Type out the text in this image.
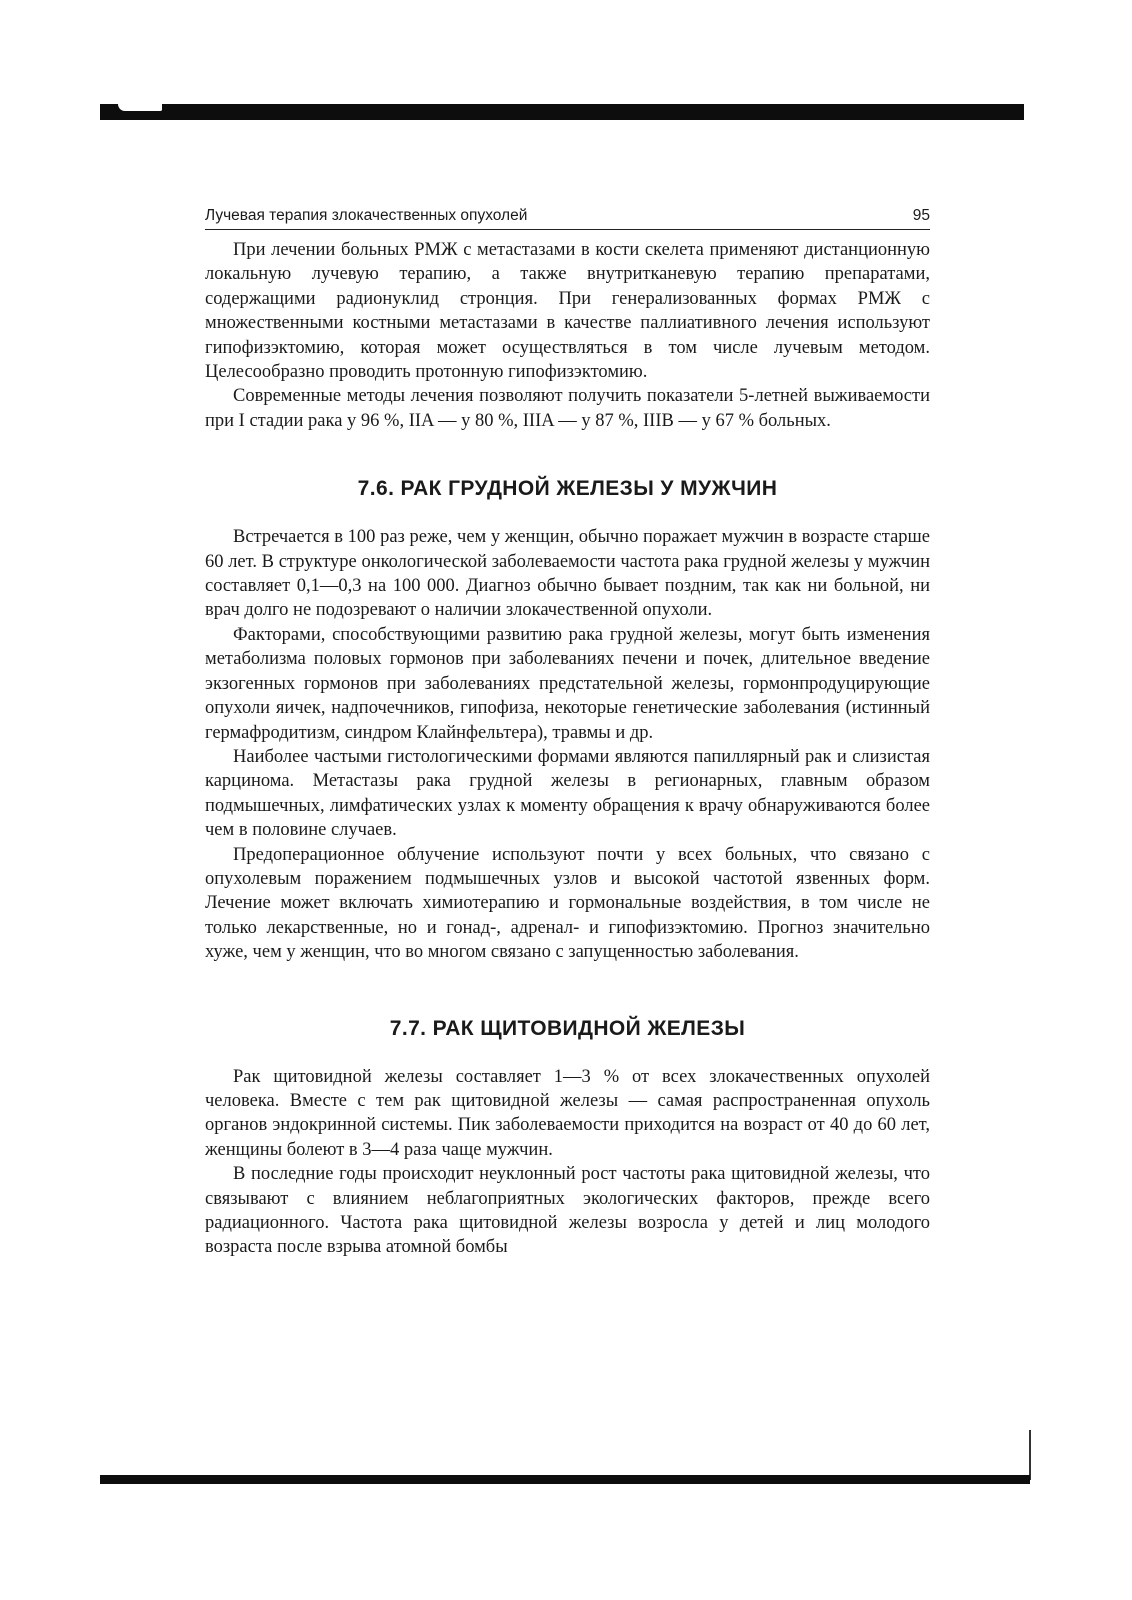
Лучевая терапия злокачественных опухолей	95

При лечении больных РМЖ с метастазами в кости скелета применяют дистанционную локальную лучевую терапию, а также внутритканевую терапию препаратами, содержащими радионуклид стронция. При генерализованных формах РМЖ с множественными костными метастазами в качестве паллиативного лечения используют гипофизэктомию, которая может осуществляться в том числе лучевым методом. Целесообразно проводить протонную гипофизэктомию.

Современные методы лечения позволяют получить показатели 5-летней выживаемости при I стадии рака у 96 %, IIA — у 80 %, IIIA — у 87 %, IIIB — у 67 % больных.

7.6. РАК ГРУДНОЙ ЖЕЛЕЗЫ У МУЖЧИН

Встречается в 100 раз реже, чем у женщин, обычно поражает мужчин в возрасте старше 60 лет. В структуре онкологической заболеваемости частота рака грудной железы у мужчин составляет 0,1—0,3 на 100 000. Диагноз обычно бывает поздним, так как ни больной, ни врач долго не подозревают о наличии злокачественной опухоли.

Факторами, способствующими развитию рака грудной железы, могут быть изменения метаболизма половых гормонов при заболеваниях печени и почек, длительное введение экзогенных гормонов при заболеваниях предстательной железы, гормонпродуцирующие опухоли яичек, надпочечников, гипофиза, некоторые генетические заболевания (истинный гермафродитизм, синдром Клайнфельтера), травмы и др.

Наиболее частыми гистологическими формами являются папиллярный рак и слизистая карцинома. Метастазы рака грудной железы в регионарных, главным образом подмышечных, лимфатических узлах к моменту обращения к врачу обнаруживаются более чем в половине случаев.

Предоперационное облучение используют почти у всех больных, что связано с опухолевым поражением подмышечных узлов и высокой частотой язвенных форм. Лечение может включать химиотерапию и гормональные воздействия, в том числе не только лекарственные, но и гонад-, адренал- и гипофизэктомию. Прогноз значительно хуже, чем у женщин, что во многом связано с запущенностью заболевания.

7.7. РАК ЩИТОВИДНОЙ ЖЕЛЕЗЫ

Рак щитовидной железы составляет 1—3 % от всех злокачественных опухолей человека. Вместе с тем рак щитовидной железы — самая распространенная опухоль органов эндокринной системы. Пик заболеваемости приходится на возраст от 40 до 60 лет, женщины болеют в 3—4 раза чаще мужчин.

В последние годы происходит неуклонный рост частоты рака щитовидной железы, что связывают с влиянием неблагоприятных экологических факторов, прежде всего радиационного. Частота рака щитовидной железы возросла у детей и лиц молодого возраста после взрыва атомной бомбы
